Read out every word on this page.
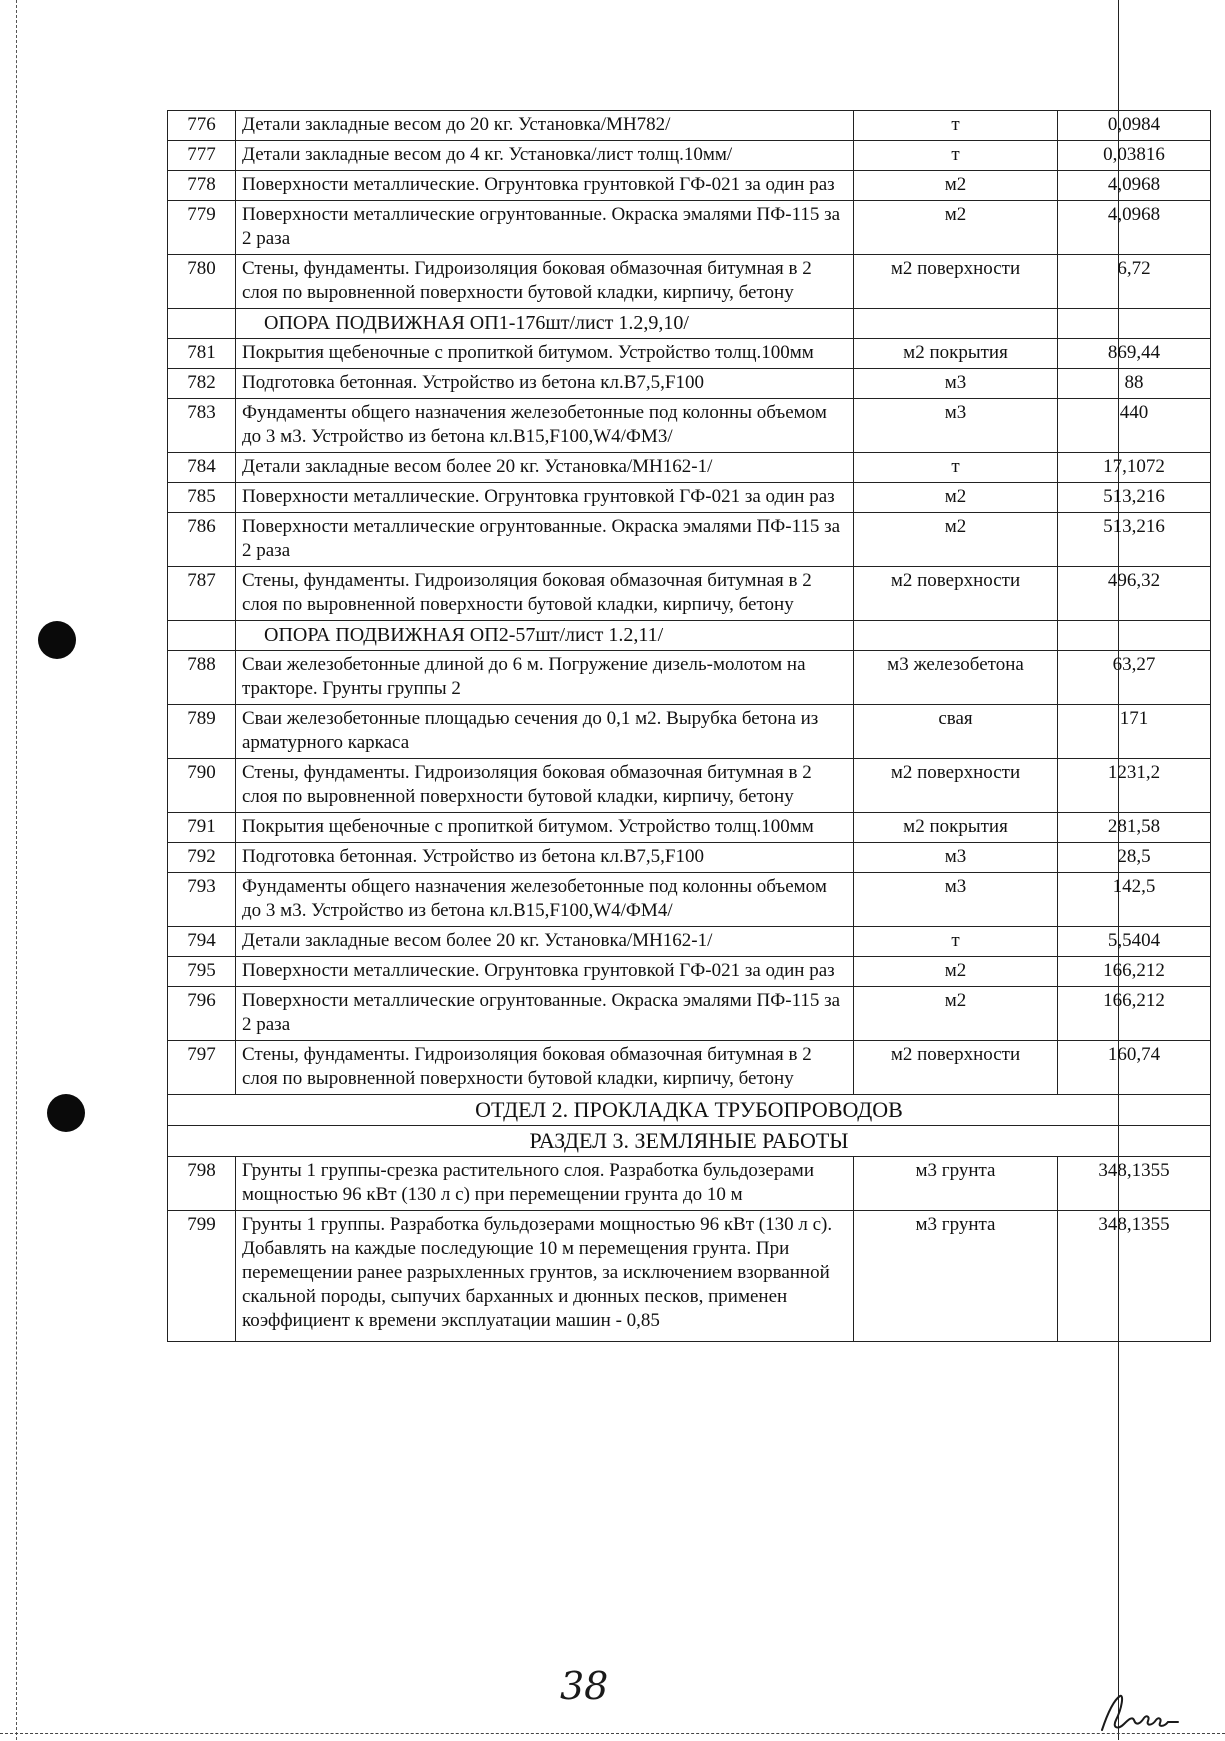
776	Детали закладные весом до 20 кг. Установка/МН782/	т	0,0984
777	Детали закладные весом до 4 кг. Установка/лист толщ.10мм/	т	0,03816
778	Поверхности металлические. Огрунтовка грунтовкой ГФ-021 за один раз	м2	4,0968
779	Поверхности металлические огрунтованные. Окраска эмалями ПФ-115 за 2 раза	м2	4,0968
780	Стены, фундаменты. Гидроизоляция боковая обмазочная битумная в 2 слоя по выровненной поверхности бутовой кладки, кирпичу, бетону	м2 поверхности	6,72
	ОПОРА ПОДВИЖНАЯ ОП1-176шт/лист 1.2,9,10/		
781	Покрытия щебеночные с пропиткой битумом. Устройство толщ.100мм	м2 покрытия	869,44
782	Подготовка бетонная. Устройство из бетона кл.В7,5,F100	м3	88
783	Фундаменты общего назначения железобетонные под колонны объемом до 3 м3. Устройство из бетона кл.В15,F100,W4/ФМ3/	м3	440
784	Детали закладные весом более 20 кг. Установка/МН162-1/	т	17,1072
785	Поверхности металлические. Огрунтовка грунтовкой ГФ-021 за один раз	м2	513,216
786	Поверхности металлические огрунтованные. Окраска эмалями ПФ-115 за 2 раза	м2	513,216
787	Стены, фундаменты. Гидроизоляция боковая обмазочная битумная в 2 слоя по выровненной поверхности бутовой кладки, кирпичу, бетону	м2 поверхности	496,32
	ОПОРА ПОДВИЖНАЯ ОП2-57шт/лист 1.2,11/		
788	Сваи железобетонные длиной до 6 м. Погружение дизель-молотом на тракторе. Грунты группы 2	м3 железобетона	63,27
789	Сваи железобетонные площадью сечения до 0,1 м2. Вырубка бетона из арматурного каркаса	свая	171
790	Стены, фундаменты. Гидроизоляция боковая обмазочная битумная в 2 слоя по выровненной поверхности бутовой кладки, кирпичу, бетону	м2 поверхности	1231,2
791	Покрытия щебеночные с пропиткой битумом. Устройство толщ.100мм	м2 покрытия	281,58
792	Подготовка бетонная. Устройство из бетона кл.В7,5,F100	м3	28,5
793	Фундаменты общего назначения железобетонные под колонны объемом до 3 м3. Устройство из бетона кл.В15,F100,W4/ФМ4/	м3	142,5
794	Детали закладные весом более 20 кг. Установка/МН162-1/	т	5,5404
795	Поверхности металлические. Огрунтовка грунтовкой ГФ-021 за один раз	м2	166,212
796	Поверхности металлические огрунтованные. Окраска эмалями ПФ-115 за 2 раза	м2	166,212
797	Стены, фундаменты. Гидроизоляция боковая обмазочная битумная в 2 слоя по выровненной поверхности бутовой кладки, кирпичу, бетону	м2 поверхности	160,74
ОТДЕЛ 2. ПРОКЛАДКА ТРУБОПРОВОДОВ			
РАЗДЕЛ 3. ЗЕМЛЯНЫЕ РАБОТЫ			
798	Грунты 1 группы-срезка растительного слоя. Разработка бульдозерами мощностью 96 кВт (130 л с) при перемещении грунта до 10 м	м3 грунта	348,1355
799	Грунты 1 группы. Разработка бульдозерами мощностью 96 кВт (130 л с). Добавлять на каждые последующие 10 м перемещения грунта. При перемещении ранее разрыхленных грунтов, за исключением взорванной скальной породы, сыпучих барханных и дюнных песков, применен коэффициент к времени эксплуатации машин - 0,85	м3 грунта	348,1355
38
